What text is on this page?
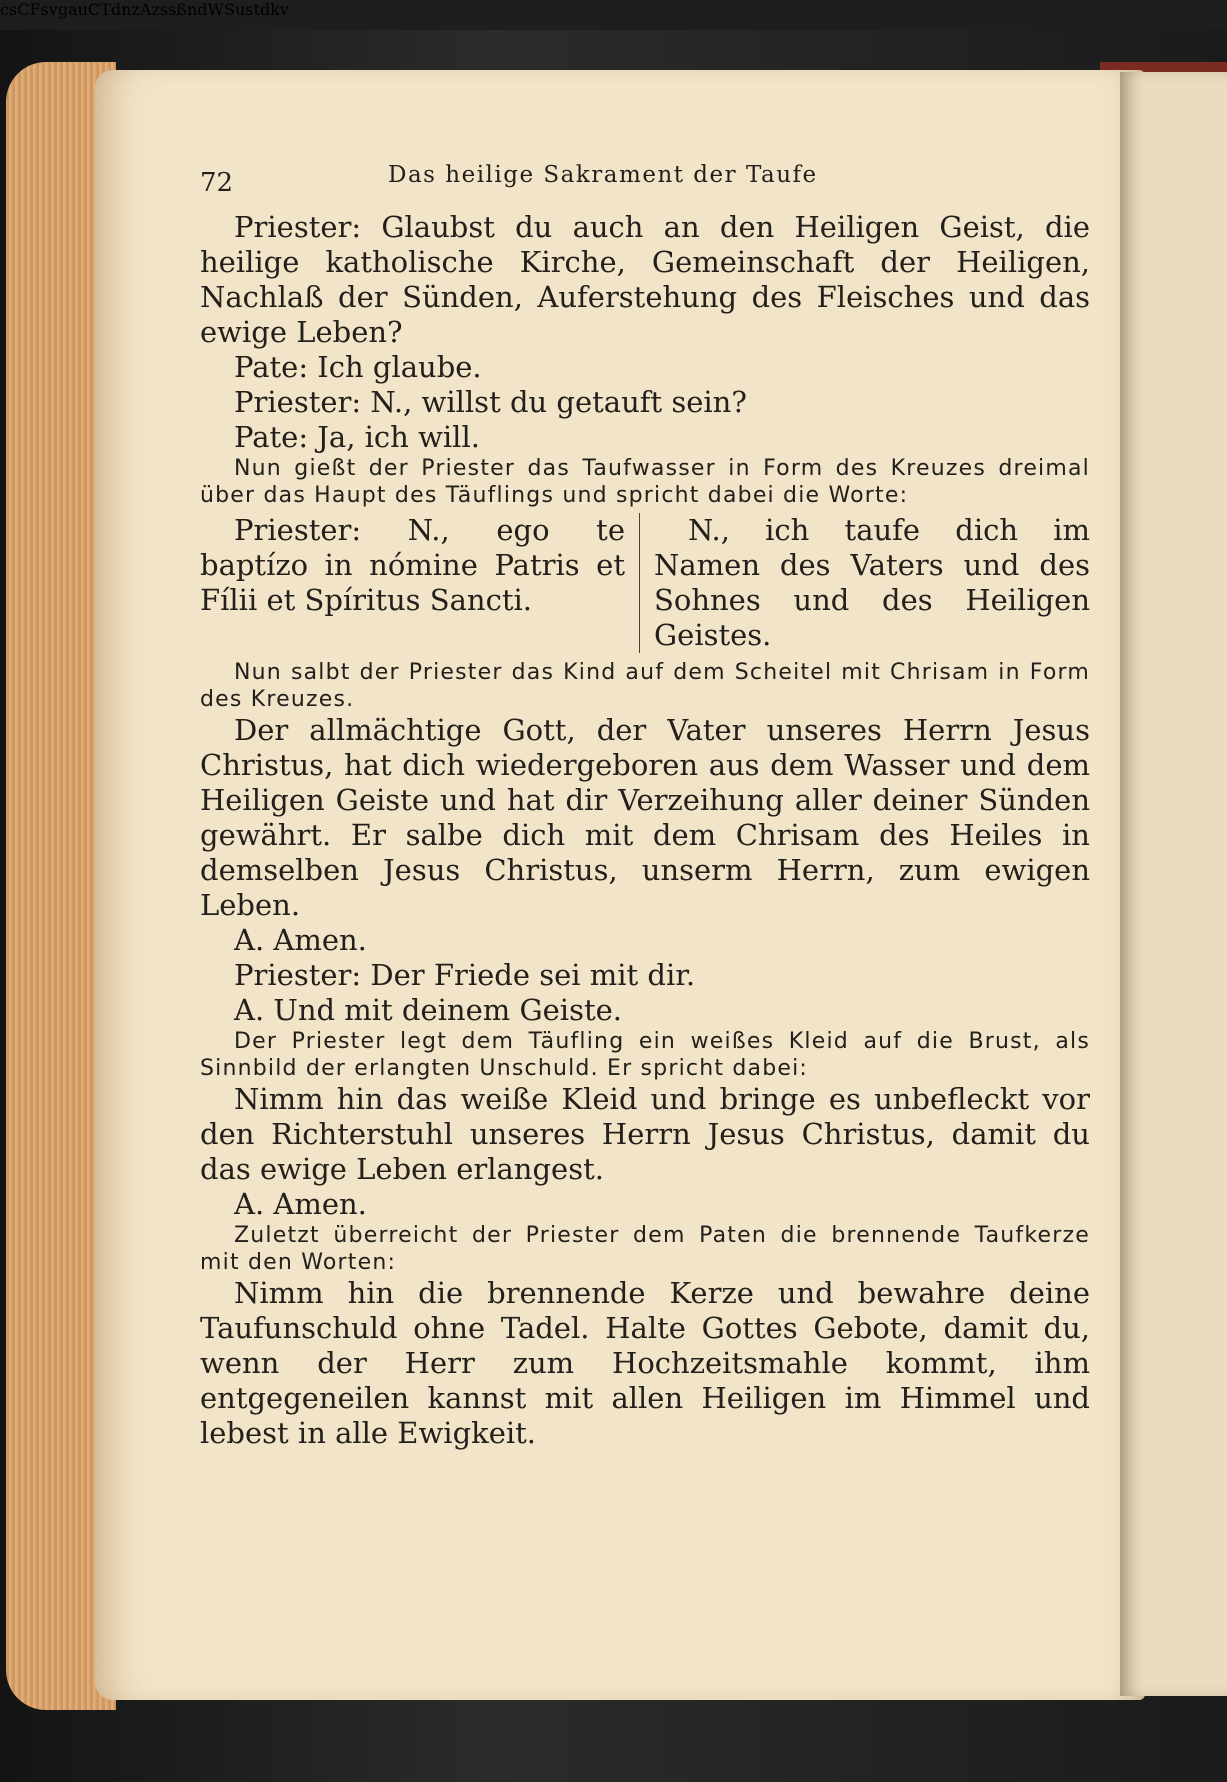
csCFsvgauCTdnzAzssßndWSustdkv
72	Das heilige Sakrament der Taufe

Priester: Glaubst du auch an den Heiligen Geist, die heilige katholische Kirche, Gemeinschaft der Heiligen, Nachlaß der Sünden, Auferstehung des Fleisches und das ewige Leben?

Pate: Ich glaube.

Priester: N., willst du getauft sein?

Pate: Ja, ich will.

Nun gießt der Priester das Taufwasser in Form des Kreuzes dreimal über das Haupt des Täuflings und spricht dabei die Worte:

Priester: N., ego te baptízo in nómine Patris et Fílii et Spíritus Sancti.

N., ich taufe dich im Namen des Vaters und des Sohnes und des Heiligen Geistes.

Nun salbt der Priester das Kind auf dem Scheitel mit Chrisam in Form des Kreuzes.

Der allmächtige Gott, der Vater unseres Herrn Jesus Christus, hat dich wiedergeboren aus dem Wasser und dem Heiligen Geiste und hat dir Verzeihung aller deiner Sünden gewährt. Er salbe dich mit dem Chrisam des Heiles in demselben Jesus Christus, unserm Herrn, zum ewigen Leben.

A. Amen.

Priester: Der Friede sei mit dir.

A. Und mit deinem Geiste.

Der Priester legt dem Täufling ein weißes Kleid auf die Brust, als Sinnbild der erlangten Unschuld. Er spricht dabei:

Nimm hin das weiße Kleid und bringe es unbefleckt vor den Richterstuhl unseres Herrn Jesus Christus, damit du das ewige Leben erlangest.

A. Amen.

Zuletzt überreicht der Priester dem Paten die brennende Taufkerze mit den Worten:

Nimm hin die brennende Kerze und bewahre deine Taufunschuld ohne Tadel. Halte Gottes Gebote, damit du, wenn der Herr zum Hochzeitsmahle kommt, ihm entgegeneilen kannst mit allen Heiligen im Himmel und lebest in alle Ewigkeit.
